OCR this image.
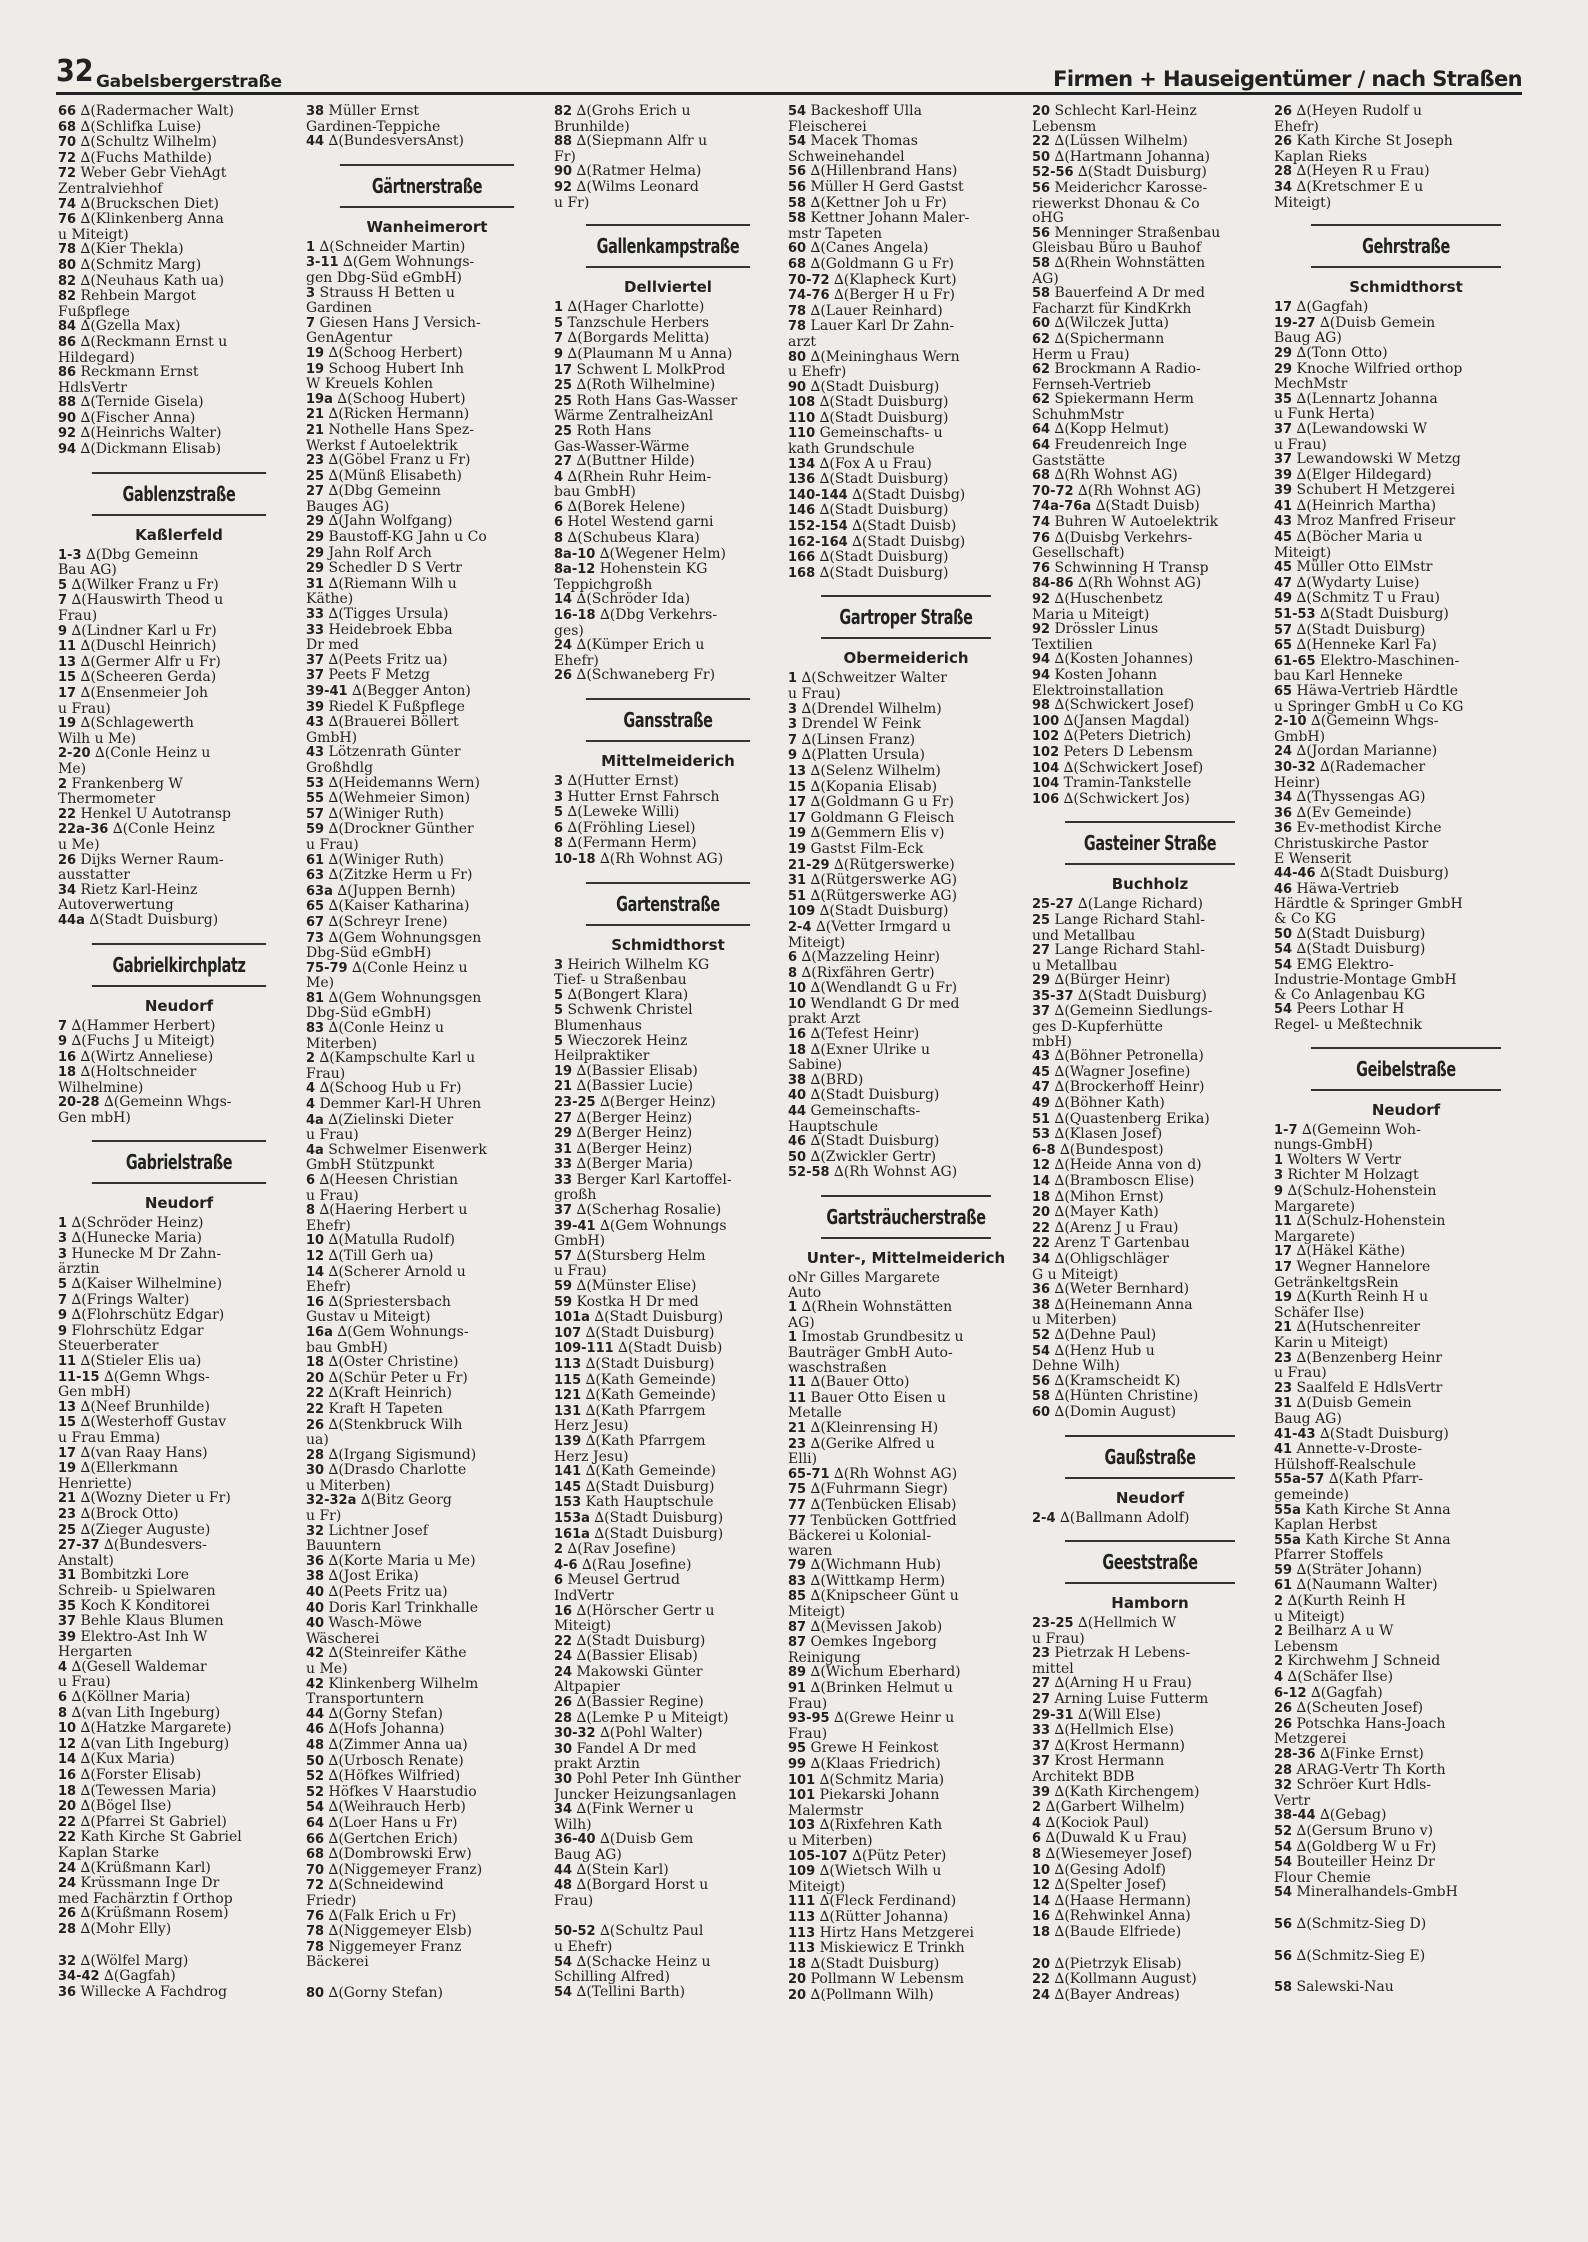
32 Gabelsbergerstraße	Firmen + Hauseigentümer / nach Straßen
66 ∆(Radermacher Walt)
68 ∆(Schlifka Luise)
70 ∆(Schultz Wilhelm)
72 ∆(Fuchs Mathilde)
72 Weber Gebr ViehAgt
Zentralviehhof
74 ∆(Bruckschen Diet)
76 ∆(Klinkenberg Anna
u Miteigt)
78 ∆(Kier Thekla)
80 ∆(Schmitz Marg)
82 ∆(Neuhaus Kath ua)
82 Rehbein Margot
Fußpflege
84 ∆(Gzella Max)
86 ∆(Reckmann Ernst u
Hildegard)
86 Reckmann Ernst
HdlsVertr
88 ∆(Ternide Gisela)
90 ∆(Fischer Anna)
92 ∆(Heinrichs Walter)
94 ∆(Dickmann Elisab)
Gablenzstraße
Kaßlerfeld
1-3 ∆(Dbg Gemeinn
Bau AG)
5 ∆(Wilker Franz u Fr)
7 ∆(Hauswirth Theod u
Frau)
9 ∆(Lindner Karl u Fr)
11 ∆(Duschl Heinrich)
13 ∆(Germer Alfr u Fr)
15 ∆(Scheeren Gerda)
17 ∆(Ensenmeier Joh
u Frau)
19 ∆(Schlagewerth
Wilh u Me)
2-20 ∆(Conle Heinz u
Me)
2 Frankenberg W
Thermometer
22 Henkel U Autotransp
22a-36 ∆(Conle Heinz
u Me)
26 Dijks Werner Raum-
ausstatter
34 Rietz Karl-Heinz
Autoverwertung
44a ∆(Stadt Duisburg)
Gabrielkirchplatz
Neudorf
7 ∆(Hammer Herbert)
9 ∆(Fuchs J u Miteigt)
16 ∆(Wirtz Anneliese)
18 ∆(Holtschneider
Wilhelmine)
20-28 ∆(Gemeinn Whgs-
Gen mbH)
Gabrielstraße
Neudorf
1 ∆(Schröder Heinz)
3 ∆(Hunecke Maria)
3 Hunecke M Dr Zahn-
ärztin
5 ∆(Kaiser Wilhelmine)
7 ∆(Frings Walter)
9 ∆(Flohrschütz Edgar)
9 Flohrschütz Edgar
Steuerberater
11 ∆(Stieler Elis ua)
11-15 ∆(Gemn Whgs-
Gen mbH)
13 ∆(Neef Brunhilde)
15 ∆(Westerhoff Gustav
u Frau Emma)
17 ∆(van Raay Hans)
19 ∆(Ellerkmann
Henriette)
21 ∆(Wozny Dieter u Fr)
23 ∆(Brock Otto)
25 ∆(Zieger Auguste)
27-37 ∆(Bundesvers-
Anstalt)
31 Bombitzki Lore
Schreib- u Spielwaren
35 Koch K Konditorei
37 Behle Klaus Blumen
39 Elektro-Ast Inh W
Hergarten
4 ∆(Gesell Waldemar
u Frau)
6 ∆(Köllner Maria)
8 ∆(van Lith Ingeburg)
10 ∆(Hatzke Margarete)
12 ∆(van Lith Ingeburg)
14 ∆(Kux Maria)
16 ∆(Forster Elisab)
18 ∆(Tewessen Maria)
20 ∆(Bögel Ilse)
22 ∆(Pfarrei St Gabriel)
22 Kath Kirche St Gabriel
Kaplan Starke
24 ∆(Krüßmann Karl)
24 Krüssmann Inge Dr
med Fachärztin f Orthop
26 ∆(Krüßmann Rosem)
28 ∆(Mohr Elly)
32 ∆(Wölfel Marg)
34-42 ∆(Gagfah)
36 Willecke A Fachdrog
38 Müller Ernst
Gardinen-Teppiche
44 ∆(BundesversAnst)
Gärtnerstraße
Wanheimerort
1 ∆(Schneider Martin)
3-11 ∆(Gem Wohnungs-
gen Dbg-Süd eGmbH)
3 Strauss H Betten u
Gardinen
7 Giesen Hans J Versich-
GenAgentur
19 ∆(Schoog Herbert)
19 Schoog Hubert Inh
W Kreuels Kohlen
19a ∆(Schoog Hubert)
21 ∆(Ricken Hermann)
21 Nothelle Hans Spez-
Werkst f Autoelektrik
23 ∆(Göbel Franz u Fr)
25 ∆(Münß Elisabeth)
27 ∆(Dbg Gemeinn
Bauges AG)
29 ∆(Jahn Wolfgang)
29 Baustoff-KG Jahn u Co
29 Jahn Rolf Arch
29 Schedler D S Vertr
31 ∆(Riemann Wilh u
Käthe)
33 ∆(Tigges Ursula)
33 Heidebroek Ebba
Dr med
37 ∆(Peets Fritz ua)
37 Peets F Metzg
39-41 ∆(Begger Anton)
39 Riedel K Fußpflege
43 ∆(Brauerei Böllert
GmbH)
43 Lötzenrath Günter
Großhdlg
53 ∆(Heidemanns Wern)
55 ∆(Wehmeier Simon)
57 ∆(Winiger Ruth)
59 ∆(Drockner Günther
u Frau)
61 ∆(Winiger Ruth)
63 ∆(Zitzke Herm u Fr)
63a ∆(Juppen Bernh)
65 ∆(Kaiser Katharina)
67 ∆(Schreyr Irene)
73 ∆(Gem Wohnungsgen
Dbg-Süd eGmbH)
75-79 ∆(Conle Heinz u
Me)
81 ∆(Gem Wohnungsgen
Dbg-Süd eGmbH)
83 ∆(Conle Heinz u
Miterben)
2 ∆(Kampschulte Karl u
Frau)
4 ∆(Schoog Hub u Fr)
4 Demmer Karl-H Uhren
4a ∆(Zielinski Dieter
u Frau)
4a Schwelmer Eisenwerk
GmbH Stützpunkt
6 ∆(Heesen Christian
u Frau)
8 ∆(Haering Herbert u
Ehefr)
10 ∆(Matulla Rudolf)
12 ∆(Till Gerh ua)
14 ∆(Scherer Arnold u
Ehefr)
16 ∆(Spriestersbach
Gustav u Miteigt)
16a ∆(Gem Wohnungs-
bau GmbH)
18 ∆(Oster Christine)
20 ∆(Schür Peter u Fr)
22 ∆(Kraft Heinrich)
22 Kraft H Tapeten
26 ∆(Stenkbruck Wilh
ua)
28 ∆(Irgang Sigismund)
30 ∆(Drasdo Charlotte
u Miterben)
32-32a ∆(Bitz Georg
u Fr)
32 Lichtner Josef
Bauuntern
36 ∆(Korte Maria u Me)
38 ∆(Jost Erika)
40 ∆(Peets Fritz ua)
40 Doris Karl Trinkhalle
40 Wasch-Möwe
Wäscherei
42 ∆(Steinreifer Käthe
u Me)
42 Klinkenberg Wilhelm
Transportuntern
44 ∆(Gorny Stefan)
46 ∆(Hofs Johanna)
48 ∆(Zimmer Anna ua)
50 ∆(Urbosch Renate)
52 ∆(Höfkes Wilfried)
52 Höfkes V Haarstudio
54 ∆(Weihrauch Herb)
64 ∆(Loer Hans u Fr)
66 ∆(Gertchen Erich)
68 ∆(Dombrowski Erw)
70 ∆(Niggemeyer Franz)
72 ∆(Schneidewind
Friedr)
76 ∆(Falk Erich u Fr)
78 ∆(Niggemeyer Elsb)
78 Niggemeyer Franz
Bäckerei
80 ∆(Gorny Stefan)
82 ∆(Grohs Erich u
Brunhilde)
88 ∆(Siepmann Alfr u
Fr)
90 ∆(Ratmer Helma)
92 ∆(Wilms Leonard
u Fr)
Gallenkampstraße
Dellviertel
1 ∆(Hager Charlotte)
5 Tanzschule Herbers
7 ∆(Borgards Melitta)
9 ∆(Plaumann M u Anna)
17 Schwent L MolkProd
25 ∆(Roth Wilhelmine)
25 Roth Hans Gas-Wasser
Wärme ZentralheizAnl
25 Roth Hans
Gas-Wasser-Wärme
27 ∆(Buttner Hilde)
4 ∆(Rhein Ruhr Heim-
bau GmbH)
6 ∆(Borek Helene)
6 Hotel Westend garni
8 ∆(Schubeus Klara)
8a-10 ∆(Wegener Helm)
8a-12 Hohenstein KG
Teppichgroßh
14 ∆(Schröder Ida)
16-18 ∆(Dbg Verkehrs-
ges)
24 ∆(Kümper Erich u
Ehefr)
26 ∆(Schwaneberg Fr)
Gansstraße
Mittelmeiderich
3 ∆(Hutter Ernst)
3 Hutter Ernst Fahrsch
5 ∆(Leweke Willi)
6 ∆(Fröhling Liesel)
8 ∆(Fermann Herm)
10-18 ∆(Rh Wohnst AG)
Gartenstraße
Schmidthorst
3 Heirich Wilhelm KG
Tief- u Straßenbau
5 ∆(Bongert Klara)
5 Schwenk Christel
Blumenhaus
5 Wieczorek Heinz
Heilpraktiker
19 ∆(Bassier Elisab)
21 ∆(Bassier Lucie)
23-25 ∆(Berger Heinz)
27 ∆(Berger Heinz)
29 ∆(Berger Heinz)
31 ∆(Berger Heinz)
33 ∆(Berger Maria)
33 Berger Karl Kartoffel-
großh
37 ∆(Scherhag Rosalie)
39-41 ∆(Gem Wohnungs
GmbH)
57 ∆(Stursberg Helm
u Frau)
59 ∆(Münster Elise)
59 Kostka H Dr med
101a ∆(Stadt Duisburg)
107 ∆(Stadt Duisburg)
109-111 ∆(Stadt Duisb)
113 ∆(Stadt Duisburg)
115 ∆(Kath Gemeinde)
121 ∆(Kath Gemeinde)
131 ∆(Kath Pfarrgem
Herz Jesu)
139 ∆(Kath Pfarrgem
Herz Jesu)
141 ∆(Kath Gemeinde)
145 ∆(Stadt Duisburg)
153 Kath Hauptschule
153a ∆(Stadt Duisburg)
161a ∆(Stadt Duisburg)
2 ∆(Rav Josefine)
4-6 ∆(Rau Josefine)
6 Meusel Gertrud
IndVertr
16 ∆(Hörscher Gertr u
Miteigt)
22 ∆(Stadt Duisburg)
24 ∆(Bassier Elisab)
24 Makowski Günter
Altpapier
26 ∆(Bassier Regine)
28 ∆(Lemke P u Miteigt)
30-32 ∆(Pohl Walter)
30 Fandel A Dr med
prakt Ärztin
30 Pohl Peter Inh Günther
Juncker Heizungsanlagen
34 ∆(Fink Werner u
Wilh)
36-40 ∆(Duisb Gem
Baug AG)
44 ∆(Stein Karl)
48 ∆(Borgard Horst u
Frau)
50-52 ∆(Schultz Paul
u Ehefr)
54 ∆(Schacke Heinz u
Schilling Alfred)
54 ∆(Tellini Barth)
54 Backeshoff Ulla
Fleischerei
54 Macek Thomas
Schweinehandel
56 ∆(Hillenbrand Hans)
56 Müller H Gerd Gastst
58 ∆(Kettner Joh u Fr)
58 Kettner Johann Maler-
mstr Tapeten
60 ∆(Canes Angela)
68 ∆(Goldmann G u Fr)
70-72 ∆(Klapheck Kurt)
74-76 ∆(Berger H u Fr)
78 ∆(Lauer Reinhard)
78 Lauer Karl Dr Zahn-
arzt
80 ∆(Meininghaus Wern
u Ehefr)
90 ∆(Stadt Duisburg)
108 ∆(Stadt Duisburg)
110 ∆(Stadt Duisburg)
110 Gemeinschafts- u
kath Grundschule
134 ∆(Fox A u Frau)
136 ∆(Stadt Duisburg)
140-144 ∆(Stadt Duisbg)
146 ∆(Stadt Duisburg)
152-154 ∆(Stadt Duisb)
162-164 ∆(Stadt Duisbg)
166 ∆(Stadt Duisburg)
168 ∆(Stadt Duisburg)
Gartroper Straße
Obermeiderich
1 ∆(Schweitzer Walter
u Frau)
3 ∆(Drendel Wilhelm)
3 Drendel W Feink
7 ∆(Linsen Franz)
9 ∆(Platten Ursula)
13 ∆(Selenz Wilhelm)
15 ∆(Kopania Elisab)
17 ∆(Goldmann G u Fr)
17 Goldmann G Fleisch
19 ∆(Gemmern Elis v)
19 Gastst Film-Eck
21-29 ∆(Rütgerswerke)
31 ∆(Rütgerswerke AG)
51 ∆(Rütgerswerke AG)
109 ∆(Stadt Duisburg)
2-4 ∆(Vetter Irmgard u
Miteigt)
6 ∆(Mazzeling Heinr)
8 ∆(Rixfähren Gertr)
10 ∆(Wendlandt G u Fr)
10 Wendlandt G Dr med
prakt Arzt
16 ∆(Tefest Heinr)
18 ∆(Exner Ulrike u
Sabine)
38 ∆(BRD)
40 ∆(Stadt Duisburg)
44 Gemeinschafts-
Hauptschule
46 ∆(Stadt Duisburg)
50 ∆(Zwickler Gertr)
52-58 ∆(Rh Wohnst AG)
Gartsträucherstraße
Unter-, Mittelmeiderich
oNr Gilles Margarete
Auto
1 ∆(Rhein Wohnstätten
AG)
1 Imostab Grundbesitz u
Bauträger GmbH Auto-
waschstraßen
11 ∆(Bauer Otto)
11 Bauer Otto Eisen u
Metalle
21 ∆(Kleinrensing H)
23 ∆(Gerike Alfred u
Elli)
65-71 ∆(Rh Wohnst AG)
75 ∆(Fuhrmann Siegr)
77 ∆(Tenbücken Elisab)
77 Tenbücken Gottfried
Bäckerei u Kolonial-
waren
79 ∆(Wichmann Hub)
83 ∆(Wittkamp Herm)
85 ∆(Knipscheer Günt u
Miteigt)
87 ∆(Mevissen Jakob)
87 Oemkes Ingeborg
Reinigung
89 ∆(Wichum Eberhard)
91 ∆(Brinken Helmut u
Frau)
93-95 ∆(Grewe Heinr u
Frau)
95 Grewe H Feinkost
99 ∆(Klaas Friedrich)
101 ∆(Schmitz Maria)
101 Piekarski Johann
Malermstr
103 ∆(Rixfehren Kath
u Miterben)
105-107 ∆(Pütz Peter)
109 ∆(Wietsch Wilh u
Miteigt)
111 ∆(Fleck Ferdinand)
113 ∆(Rütter Johanna)
113 Hirtz Hans Metzgerei
113 Miskiewicz E Trinkh
18 ∆(Stadt Duisburg)
20 Pollmann W Lebensm
20 ∆(Pollmann Wilh)
20 Schlecht Karl-Heinz
Lebensm
22 ∆(Lüssen Wilhelm)
50 ∆(Hartmann Johanna)
52-56 ∆(Stadt Duisburg)
56 Meiderichcr Karosse-
riewerkst Dhonau & Co
oHG
56 Menninger Straßenbau
Gleisbau Büro u Bauhof
58 ∆(Rhein Wohnstätten
AG)
58 Bauerfeind A Dr med
Facharzt für KindKrkh
60 ∆(Wilczek Jutta)
62 ∆(Spichermann
Herm u Frau)
62 Brockmann A Radio-
Fernseh-Vertrieb
62 Spiekermann Herm
SchuhmMstr
64 ∆(Kopp Helmut)
64 Freudenreich Inge
Gaststätte
68 ∆(Rh Wohnst AG)
70-72 ∆(Rh Wohnst AG)
74a-76a ∆(Stadt Duisb)
74 Buhren W Autoelektrik
76 ∆(Duisbg Verkehrs-
Gesellschaft)
76 Schwinning H Transp
84-86 ∆(Rh Wohnst AG)
92 ∆(Huschenbetz
Maria u Miteigt)
92 Drössler Linus
Textilien
94 ∆(Kosten Johannes)
94 Kosten Johann
Elektroinstallation
98 ∆(Schwickert Josef)
100 ∆(Jansen Magdal)
102 ∆(Peters Dietrich)
102 Peters D Lebensm
104 ∆(Schwickert Josef)
104 Tramin-Tankstelle
106 ∆(Schwickert Jos)
Gasteiner Straße
Buchholz
25-27 ∆(Lange Richard)
25 Lange Richard Stahl-
und Metallbau
27 Lange Richard Stahl-
u Metallbau
29 ∆(Bürger Heinr)
35-37 ∆(Stadt Duisburg)
37 ∆(Gemeinn Siedlungs-
ges D-Kupferhütte
mbH)
43 ∆(Böhner Petronella)
45 ∆(Wagner Josefine)
47 ∆(Brockerhoff Heinr)
49 ∆(Böhner Kath)
51 ∆(Quastenberg Erika)
53 ∆(Klasen Josef)
6-8 ∆(Bundespost)
12 ∆(Heide Anna von d)
14 ∆(Bramboscn Elise)
18 ∆(Mihon Ernst)
20 ∆(Mayer Kath)
22 ∆(Arenz J u Frau)
22 Arenz T Gartenbau
34 ∆(Ohligschläger
G u Miteigt)
36 ∆(Weter Bernhard)
38 ∆(Heinemann Anna
u Miterben)
52 ∆(Dehne Paul)
54 ∆(Henz Hub u
Dehne Wilh)
56 ∆(Kramscheidt K)
58 ∆(Hünten Christine)
60 ∆(Domin August)
Gaußstraße
Neudorf
2-4 ∆(Ballmann Adolf)
Geeststraße
Hamborn
23-25 ∆(Hellmich W
u Frau)
23 Pietrzak H Lebens-
mittel
27 ∆(Arning H u Frau)
27 Arning Luise Futterm
29-31 ∆(Will Else)
33 ∆(Hellmich Else)
37 ∆(Krost Hermann)
37 Krost Hermann
Architekt BDB
39 ∆(Kath Kirchengem)
2 ∆(Garbert Wilhelm)
4 ∆(Kociok Paul)
6 ∆(Duwald K u Frau)
8 ∆(Wiesemeyer Josef)
10 ∆(Gesing Adolf)
12 ∆(Spelter Josef)
14 ∆(Haase Hermann)
16 ∆(Rehwinkel Anna)
18 ∆(Baude Elfriede)
20 ∆(Pietrzyk Elisab)
22 ∆(Kollmann August)
24 ∆(Bayer Andreas)
26 ∆(Heyen Rudolf u
Ehefr)
26 Kath Kirche St Joseph
Kaplan Rieks
28 ∆(Heyen R u Frau)
34 ∆(Kretschmer E u
Miteigt)
Gehrstraße
Schmidthorst
17 ∆(Gagfah)
19-27 ∆(Duisb Gemein
Baug AG)
29 ∆(Tonn Otto)
29 Knoche Wilfried orthop
MechMstr
35 ∆(Lennartz Johanna
u Funk Herta)
37 ∆(Lewandowski W
u Frau)
37 Lewandowski W Metzg
39 ∆(Elger Hildegard)
39 Schubert H Metzgerei
41 ∆(Heinrich Martha)
43 Mroz Manfred Friseur
45 ∆(Böcher Maria u
Miteigt)
45 Müller Otto ElMstr
47 ∆(Wydarty Luise)
49 ∆(Schmitz T u Frau)
51-53 ∆(Stadt Duisburg)
57 ∆(Stadt Duisburg)
65 ∆(Henneke Karl Fa)
61-65 Elektro-Maschinen-
bau Karl Henneke
65 Häwa-Vertrieb Härdtle
u Springer GmbH u Co KG
2-10 ∆(Gemeinn Whgs-
GmbH)
24 ∆(Jordan Marianne)
30-32 ∆(Rademacher
Heinr)
34 ∆(Thyssengas AG)
36 ∆(Ev Gemeinde)
36 Ev-methodist Kirche
Christuskirche Pastor
E Wenserit
44-46 ∆(Stadt Duisburg)
46 Häwa-Vertrieb
Härdtle & Springer GmbH
& Co KG
50 ∆(Stadt Duisburg)
54 ∆(Stadt Duisburg)
54 EMG Elektro-
Industrie-Montage GmbH
& Co Anlagenbau KG
54 Peers Lothar H
Regel- u Meßtechnik
Geibelstraße
Neudorf
1-7 ∆(Gemeinn Woh-
nungs-GmbH)
1 Wolters W Vertr
3 Richter M Holzagt
9 ∆(Schulz-Hohenstein
Margarete)
11 ∆(Schulz-Hohenstein
Margarete)
17 ∆(Häkel Käthe)
17 Wegner Hannelore
GetränkeltgsRein
19 ∆(Kurth Reinh H u
Schäfer Ilse)
21 ∆(Hutschenreiter
Karin u Miteigt)
23 ∆(Benzenberg Heinr
u Frau)
23 Saalfeld E HdlsVertr
31 ∆(Duisb Gemein
Baug AG)
41-43 ∆(Stadt Duisburg)
41 Annette-v-Droste-
Hülshoff-Realschule
55a-57 ∆(Kath Pfarr-
gemeinde)
55a Kath Kirche St Anna
Kaplan Herbst
55a Kath Kirche St Anna
Pfarrer Stoffels
59 ∆(Sträter Johann)
61 ∆(Naumann Walter)
2 ∆(Kurth Reinh H
u Miteigt)
2 Beilharz A u W
Lebensm
2 Kirchwehm J Schneid
4 ∆(Schäfer Ilse)
6-12 ∆(Gagfah)
26 ∆(Scheuten Josef)
26 Potschka Hans-Joach
Metzgerei
28-36 ∆(Finke Ernst)
28 ARAG-Vertr Th Korth
32 Schröer Kurt Hdls-
Vertr
38-44 ∆(Gebag)
52 ∆(Gersum Bruno v)
54 ∆(Goldberg W u Fr)
54 Bouteiller Heinz Dr
Flour Chemie
54 Mineralhandels-GmbH
56 ∆(Schmitz-Sieg D)
56 ∆(Schmitz-Sieg E)
58 Salewski-Nau
